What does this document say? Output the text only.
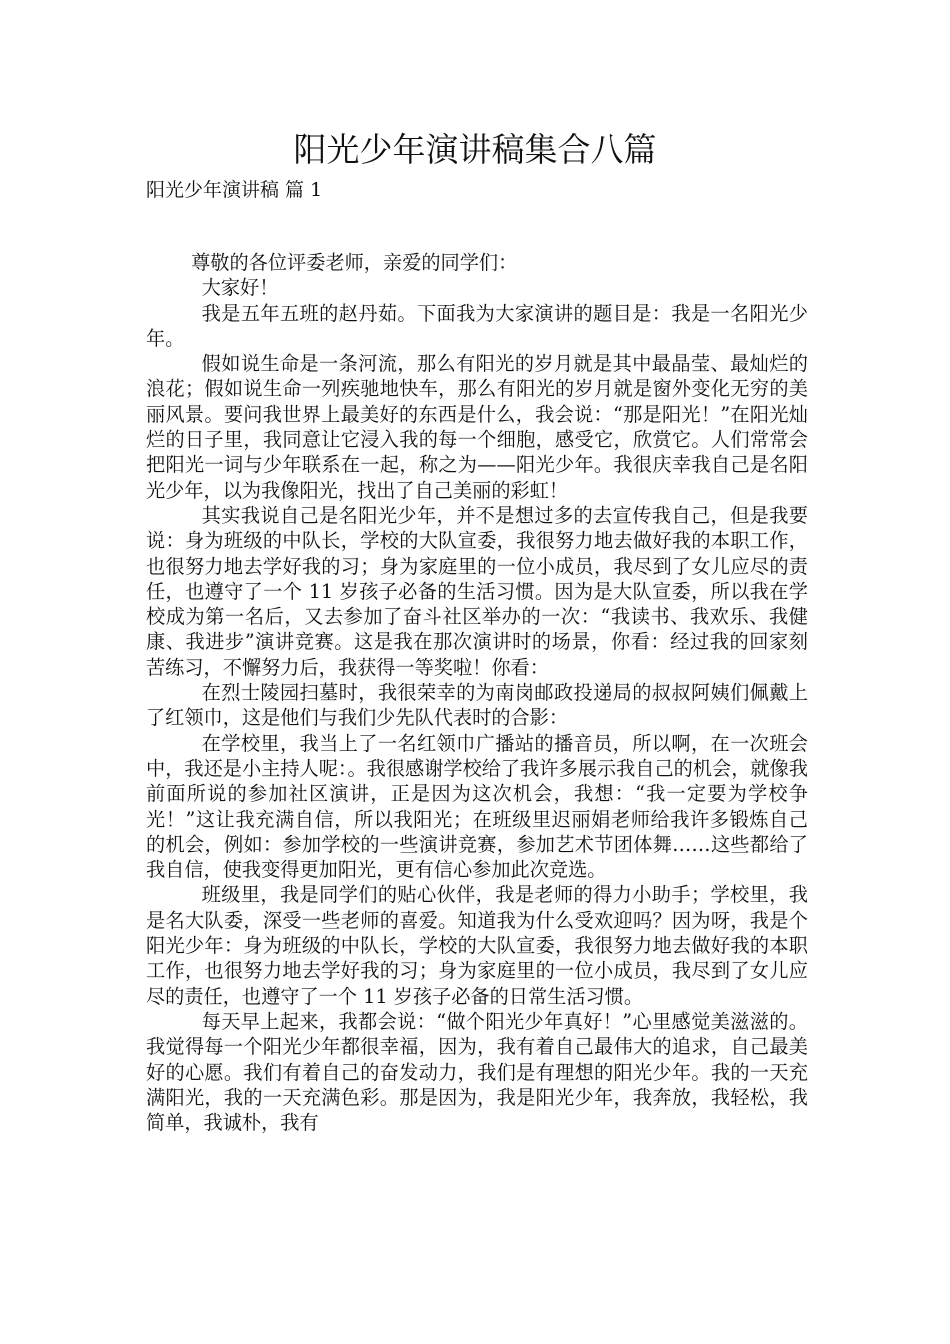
阳光少年演讲稿集合八篇
阳光少年演讲稿 篇 1

尊敬的各位评委老师，亲爱的同学们：

大家好！

我是五年五班的赵丹茹。下面我为大家演讲的题目是：我是一名阳光少年。

假如说生命是一条河流，那么有阳光的岁月就是其中最晶莹、最灿烂的浪花；假如说生命一列疾驰地快车，那么有阳光的岁月就是窗外变化无穷的美丽风景。要问我世界上最美好的东西是什么，我会说：“那是阳光！”在阳光灿烂的日子里，我同意让它浸入我的每一个细胞，感受它，欣赏它。人们常常会把阳光一词与少年联系在一起，称之为——阳光少年。我很庆幸我自己是名阳光少年，以为我像阳光，找出了自己美丽的彩虹！

其实我说自己是名阳光少年，并不是想过多的去宣传我自己，但是我要说：身为班级的中队长，学校的大队宣委，我很努力地去做好我的本职工作，也很努力地去学好我的习；身为家庭里的一位小成员，我尽到了女儿应尽的责任，也遵守了一个 11 岁孩子必备的生活习惯。因为是大队宣委，所以我在学校成为第一名后，又去参加了奋斗社区举办的一次：“我读书、我欢乐、我健康、我进步”演讲竞赛。这是我在那次演讲时的场景，你看：经过我的回家刻苦练习，不懈努力后，我获得一等奖啦！你看：

在烈士陵园扫墓时，我很荣幸的为南岗邮政投递局的叔叔阿姨们佩戴上了红领巾，这是他们与我们少先队代表时的合影：

在学校里，我当上了一名红领巾广播站的播音员，所以啊，在一次班会中，我还是小主持人呢：。我很感谢学校给了我许多展示我自己的机会，就像我前面所说的参加社区演讲，正是因为这次机会，我想：“我一定要为学校争光！”这让我充满自信，所以我阳光；在班级里迟丽娟老师给我许多锻炼自己的机会，例如：参加学校的一些演讲竞赛，参加艺术节团体舞……这些都给了我自信，使我变得更加阳光，更有信心参加此次竞选。

班级里，我是同学们的贴心伙伴，我是老师的得力小助手；学校里，我是名大队委，深受一些老师的喜爱。知道我为什么受欢迎吗？因为呀，我是个阳光少年：身为班级的中队长，学校的大队宣委，我很努力地去做好我的本职工作，也很努力地去学好我的习；身为家庭里的一位小成员，我尽到了女儿应尽的责任，也遵守了一个 11 岁孩子必备的日常生活习惯。

每天早上起来，我都会说：“做个阳光少年真好！”心里感觉美滋滋的。我觉得每一个阳光少年都很幸福，因为，我有着自己最伟大的追求，自己最美好的心愿。我们有着自己的奋发动力，我们是有理想的阳光少年。我的一天充满阳光，我的一天充满色彩。那是因为，我是阳光少年，我奔放，我轻松，我简单，我诚朴，我有
